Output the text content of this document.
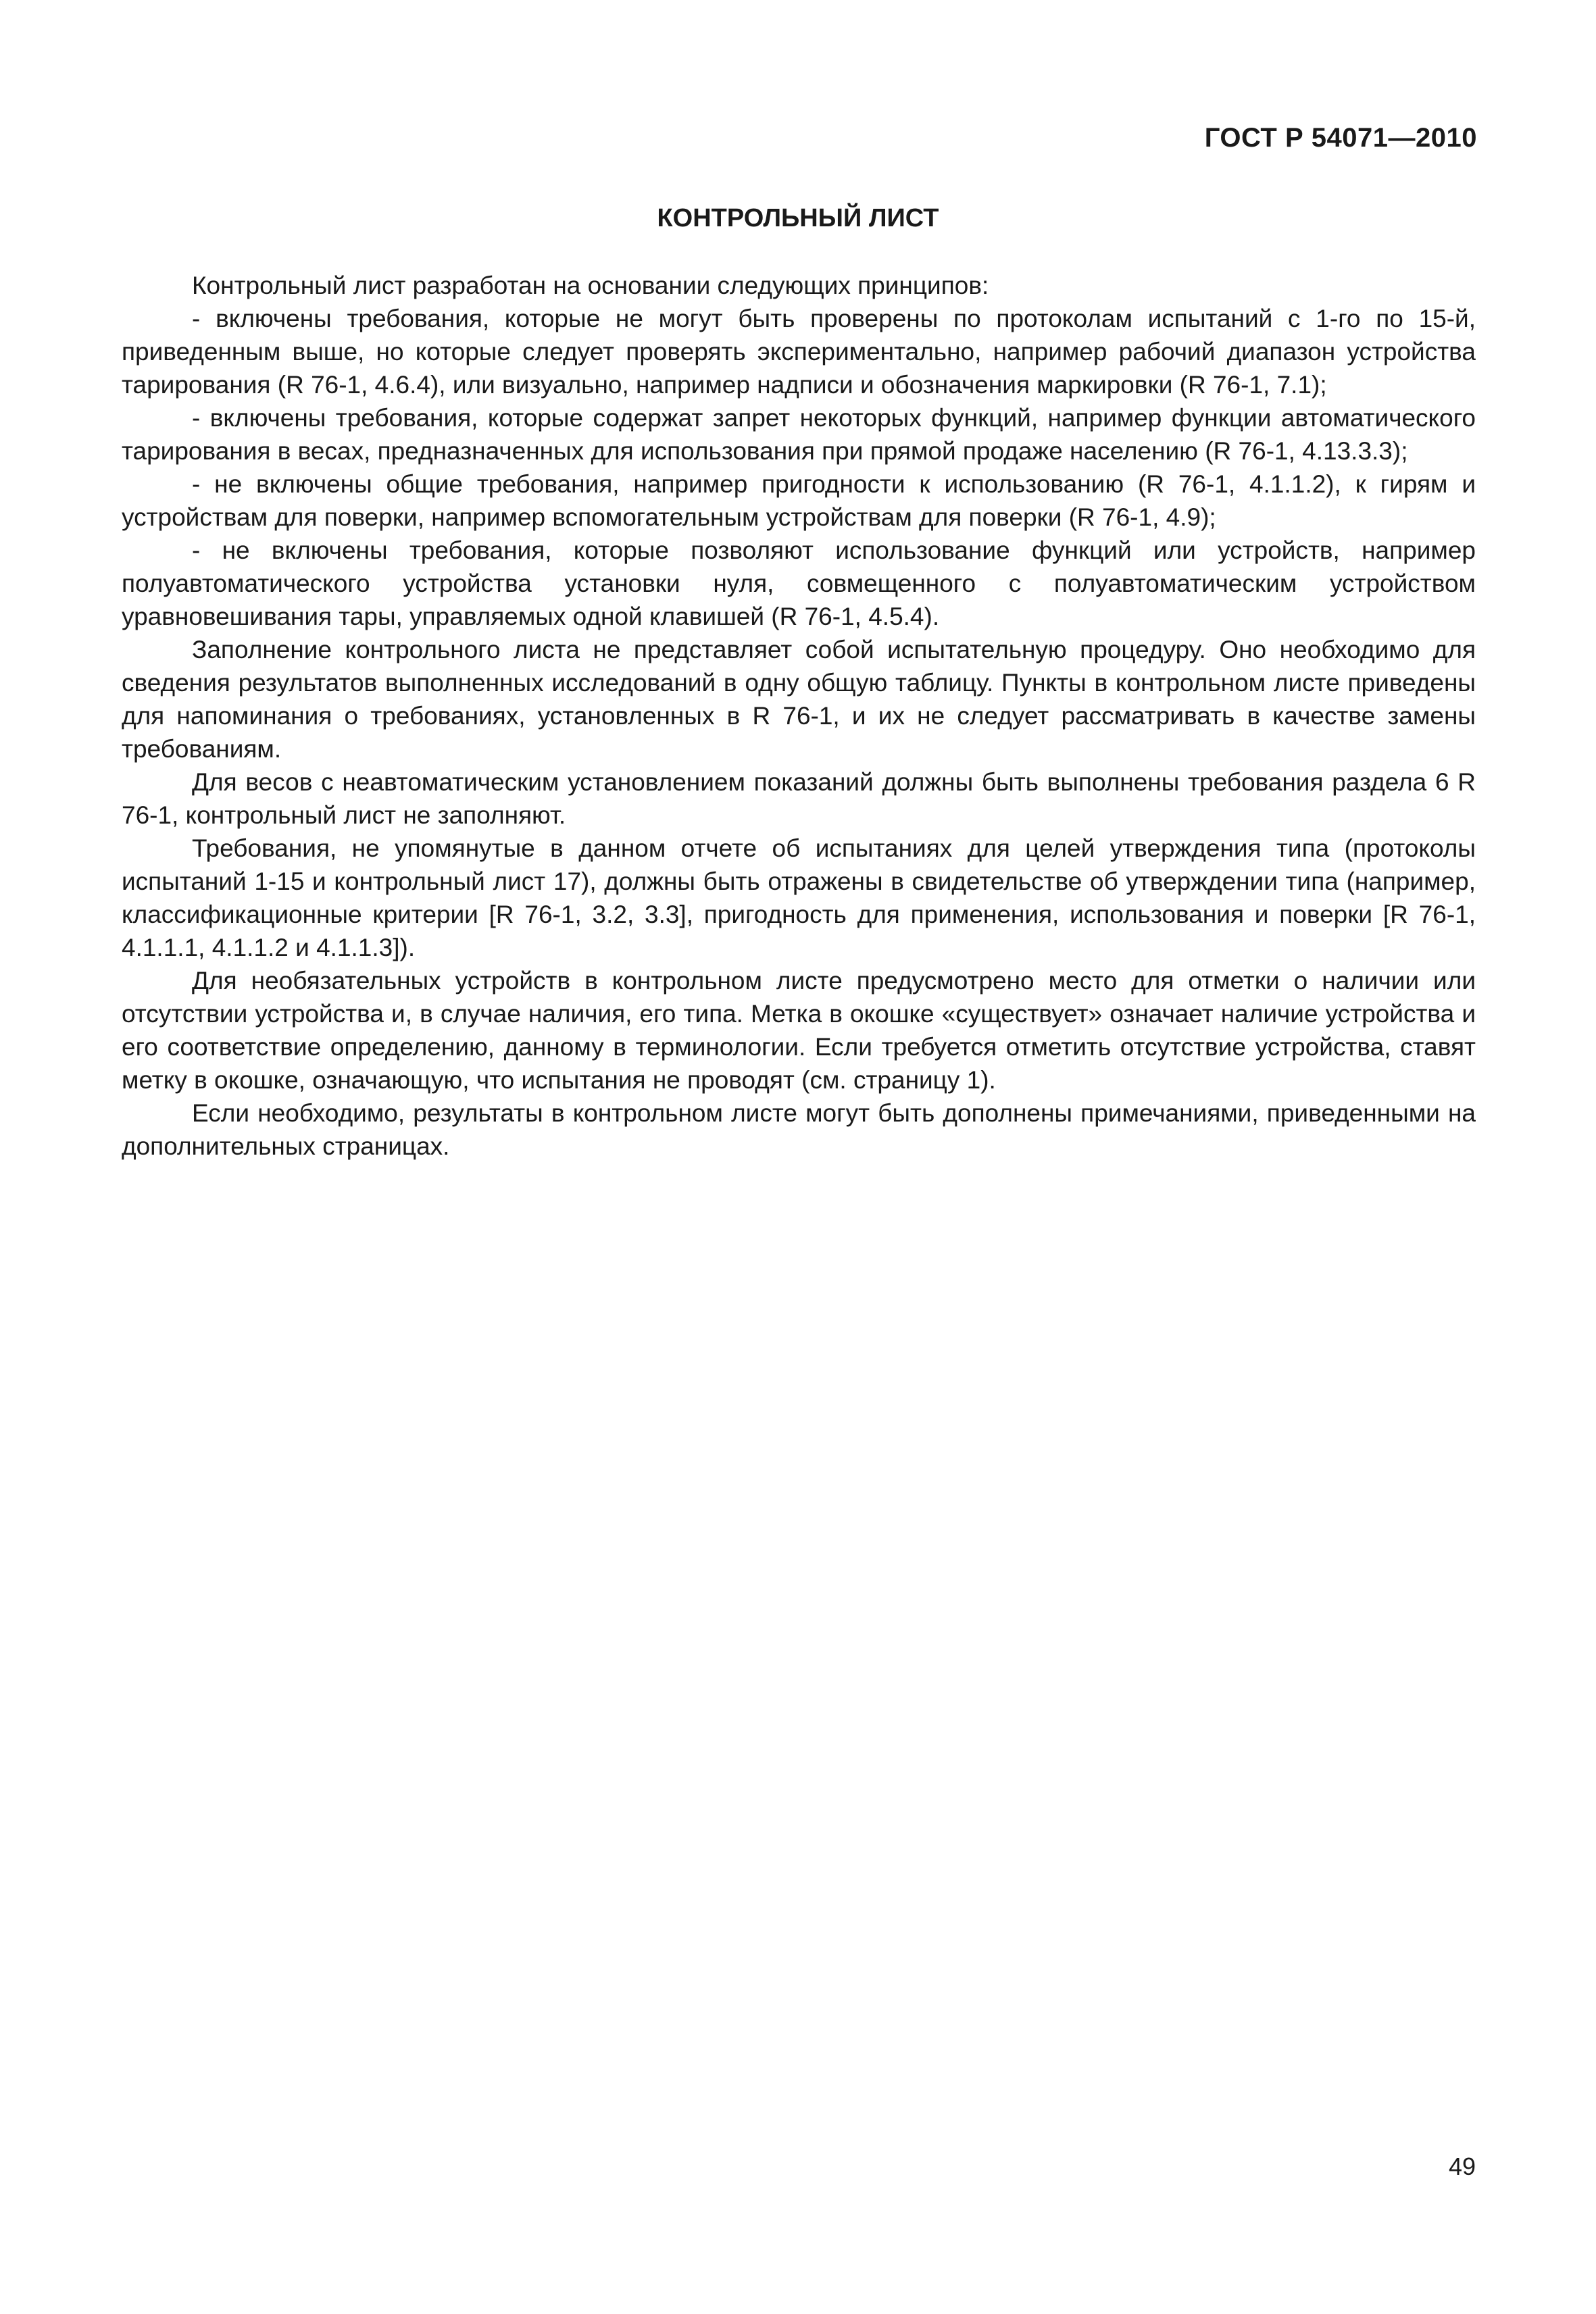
ГОСТ Р 54071—2010

КОНТРОЛЬНЫЙ ЛИСТ

Контрольный лист разработан на основании следующих принципов:

- включены требования, которые не могут быть проверены по протоколам испытаний с 1-го по 15-й, приведенным выше, но которые следует проверять экспериментально, например рабочий диапазон устройства тарирования (R 76-1, 4.6.4), или визуально, например надписи и обозначения маркировки (R 76-1, 7.1);

- включены требования, которые содержат запрет некоторых функций, например функции автоматического тарирования в весах, предназначенных для использования при прямой продаже населению (R 76-1, 4.13.3.3);

- не включены общие требования, например пригодности к использованию (R 76-1, 4.1.1.2), к гирям и устройствам для поверки, например вспомогательным устройствам для поверки (R 76-1, 4.9);

- не включены требования, которые позволяют использование функций или устройств, например полуавтоматического устройства установки нуля, совмещенного с полуавтоматическим устройством уравновешивания тары, управляемых одной клавишей (R 76-1, 4.5.4).

Заполнение контрольного листа не представляет собой испытательную процедуру. Оно необходимо для сведения результатов выполненных исследований в одну общую таблицу. Пункты в контрольном листе приведены для напоминания о требованиях, установленных в R 76-1, и их не следует рассматривать в качестве замены требованиям.

Для весов с неавтоматическим установлением показаний должны быть выполнены требования раздела 6 R 76-1, контрольный лист не заполняют.

Требования, не упомянутые в данном отчете об испытаниях для целей утверждения типа (протоколы испытаний 1-15 и контрольный лист 17), должны быть отражены в свидетельстве об утверждении типа (например, классификационные критерии [R 76-1, 3.2, 3.3], пригодность для применения, использования и поверки [R 76-1, 4.1.1.1, 4.1.1.2 и 4.1.1.3]).

Для необязательных устройств в контрольном листе предусмотрено место для отметки о наличии или отсутствии устройства и, в случае наличия, его типа. Метка в окошке «существует» означает наличие устройства и его соответствие определению, данному в терминологии. Если требуется отметить отсутствие устройства, ставят метку в окошке, означающую, что испытания не проводят (см. страницу 1).

Если необходимо, результаты в контрольном листе могут быть дополнены примечаниями, приведенными на дополнительных страницах.

49
